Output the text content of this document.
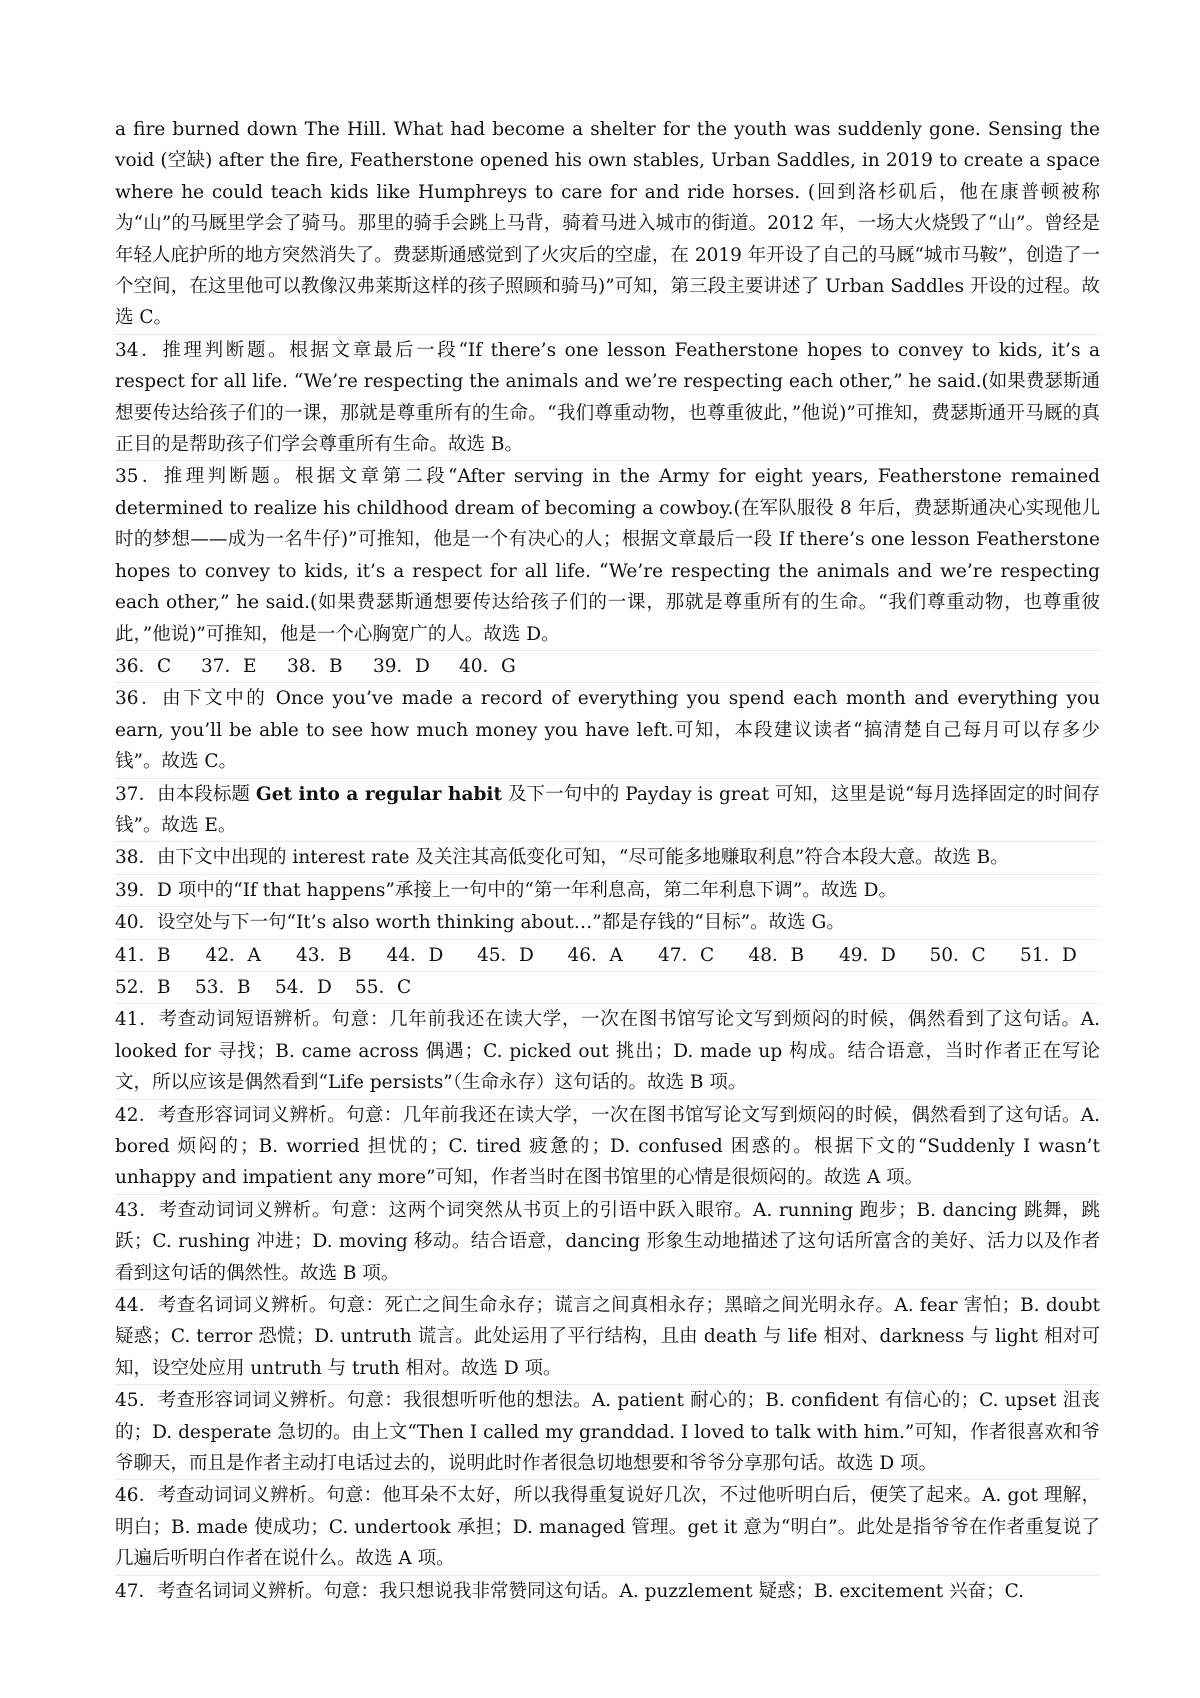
a fire burned down The Hill. What had become a shelter for the youth was suddenly gone. Sensing the void (空缺) after the fire, Featherstone opened his own stables, Urban Saddles, in 2019 to create a space where he could teach kids like Humphreys to care for and ride horses. (回到洛杉矶后，他在康普顿被称为“山”的马厩里学会了骑马。那里的骑手会跳上马背，骑着马进入城市的街道。2012 年，一场大火烧毁了“山”。曾经是年轻人庇护所的地方突然消失了。费瑟斯通感觉到了火灾后的空虚，在 2019 年开设了自己的马厩“城市马鞍”，创造了一个空间，在这里他可以教像汉弗莱斯这样的孩子照顾和骑马)”可知，第三段主要讲述了 Urban Saddles 开设的过程。故选 C。

34．推理判断题。根据文章最后一段“If there’s one lesson Featherstone hopes to convey to kids, it’s a respect for all life. “We’re respecting the animals and we’re respecting each other,” he said.(如果费瑟斯通想要传达给孩子们的一课，那就是尊重所有的生命。“我们尊重动物，也尊重彼此，”他说)”可推知，费瑟斯通开马厩的真正目的是帮助孩子们学会尊重所有生命。故选 B。

35．推理判断题。根据文章第二段“After serving in the Army for eight years, Featherstone remained determined to realize his childhood dream of becoming a cowboy.(在军队服役 8 年后，费瑟斯通决心实现他儿时的梦想——成为一名牛仔)”可推知，他是一个有决心的人；根据文章最后一段 If there’s one lesson Featherstone hopes to convey to kids, it’s a respect for all life. “We’re respecting the animals and we’re respecting each other,” he said.(如果费瑟斯通想要传达给孩子们的一课，那就是尊重所有的生命。“我们尊重动物，也尊重彼此，”他说)”可推知，他是一个心胸宽广的人。故选 D。

36．C	37．E	38．B	39．D	40．G

36．由下文中的 Once you’ve made a record of everything you spend each month and everything you earn, you’ll be able to see how much money you have left.可知，本段建议读者“搞清楚自己每月可以存多少钱”。故选 C。

37．由本段标题 Get into a regular habit 及下一句中的 Payday is great 可知，这里是说“每月选择固定的时间存钱”。故选 E。

38．由下文中出现的 interest rate 及关注其高低变化可知，“尽可能多地赚取利息”符合本段大意。故选 B。

39．D 项中的“If that happens”承接上一句中的“第一年利息高，第二年利息下调”。故选 D。

40．设空处与下一句“It’s also worth thinking about…”都是存钱的“目标”。故选 G。

41．B	42．A	43．B	44．D	45．D	46．A	47．C	48．B	49．D	50．C	51．D
52．B	53．B	54．D	55．C

41．考查动词短语辨析。句意：几年前我还在读大学，一次在图书馆写论文写到烦闷的时候，偶然看到了这句话。A. looked for 寻找；B. came across 偶遇；C. picked out 挑出；D. made up 构成。结合语意，当时作者正在写论文，所以应该是偶然看到“Life persists”（生命永存）这句话的。故选 B 项。

42．考查形容词词义辨析。句意：几年前我还在读大学，一次在图书馆写论文写到烦闷的时候，偶然看到了这句话。A. bored 烦闷的；B. worried 担忧的；C. tired 疲惫的；D. confused 困惑的。根据下文的“Suddenly I wasn’t unhappy and impatient any more”可知，作者当时在图书馆里的心情是很烦闷的。故选 A 项。

43．考查动词词义辨析。句意：这两个词突然从书页上的引语中跃入眼帘。A. running 跑步；B. dancing 跳舞，跳跃；C. rushing 冲进；D. moving 移动。结合语意，dancing 形象生动地描述了这句话所富含的美好、活力以及作者看到这句话的偶然性。故选 B 项。

44．考查名词词义辨析。句意：死亡之间生命永存；谎言之间真相永存；黑暗之间光明永存。A. fear 害怕；B. doubt 疑惑；C. terror 恐慌；D. untruth 谎言。此处运用了平行结构，且由 death 与 life 相对、darkness 与 light 相对可知，设空处应用 untruth 与 truth 相对。故选 D 项。

45．考查形容词词义辨析。句意：我很想听听他的想法。A. patient 耐心的；B. confident 有信心的；C. upset 沮丧的；D. desperate 急切的。由上文“Then I called my granddad. I loved to talk with him.”可知，作者很喜欢和爷爷聊天，而且是作者主动打电话过去的，说明此时作者很急切地想要和爷爷分享那句话。故选 D 项。

46．考查动词词义辨析。句意：他耳朵不太好，所以我得重复说好几次，不过他听明白后，便笑了起来。A. got 理解，明白；B. made 使成功；C. undertook 承担；D. managed 管理。get it 意为“明白”。此处是指爷爷在作者重复说了几遍后听明白作者在说什么。故选 A 项。

47．考查名词词义辨析。句意：我只想说我非常赞同这句话。A. puzzlement 疑惑；B. excitement 兴奋；C.
